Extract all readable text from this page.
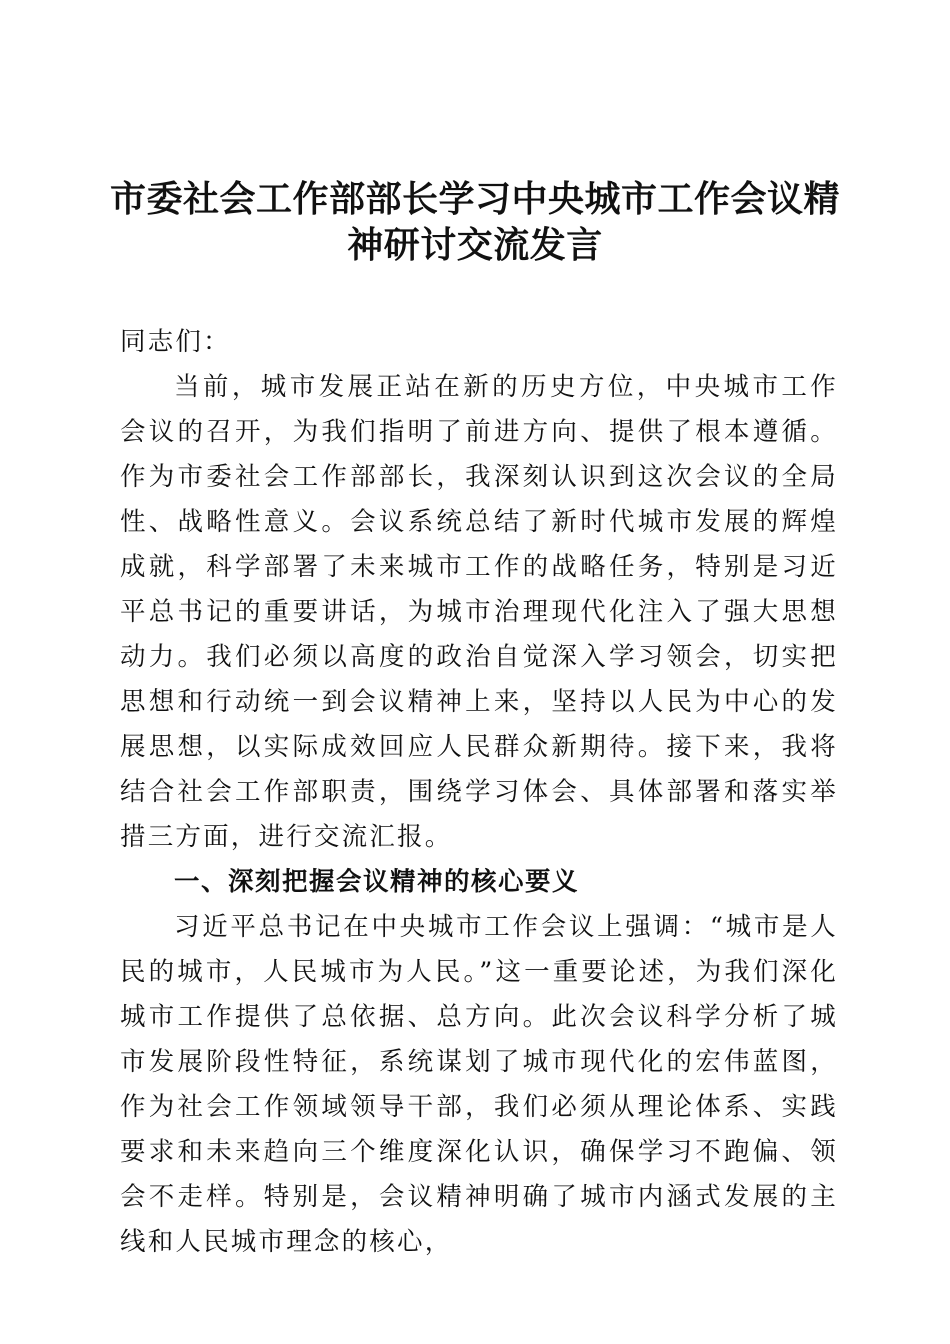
市委社会工作部部长学习中央城市工作会议精神研讨交流发言

同志们：

当前，城市发展正站在新的历史方位，中央城市工作会议的召开，为我们指明了前进方向、提供了根本遵循。作为市委社会工作部部长，我深刻认识到这次会议的全局性、战略性意义。会议系统总结了新时代城市发展的辉煌成就，科学部署了未来城市工作的战略任务，特别是习近平总书记的重要讲话，为城市治理现代化注入了强大思想动力。我们必须以高度的政治自觉深入学习领会，切实把思想和行动统一到会议精神上来，坚持以人民为中心的发展思想，以实际成效回应人民群众新期待。接下来，我将结合社会工作部职责，围绕学习体会、具体部署和落实举措三方面，进行交流汇报。

一、深刻把握会议精神的核心要义

习近平总书记在中央城市工作会议上强调：“城市是人民的城市，人民城市为人民。”这一重要论述，为我们深化城市工作提供了总依据、总方向。此次会议科学分析了城市发展阶段性特征，系统谋划了城市现代化的宏伟蓝图，作为社会工作领域领导干部，我们必须从理论体系、实践要求和未来趋向三个维度深化认识，确保学习不跑偏、领会不走样。特别是，会议精神明确了城市内涵式发展的主线和人民城市理念的核心，
